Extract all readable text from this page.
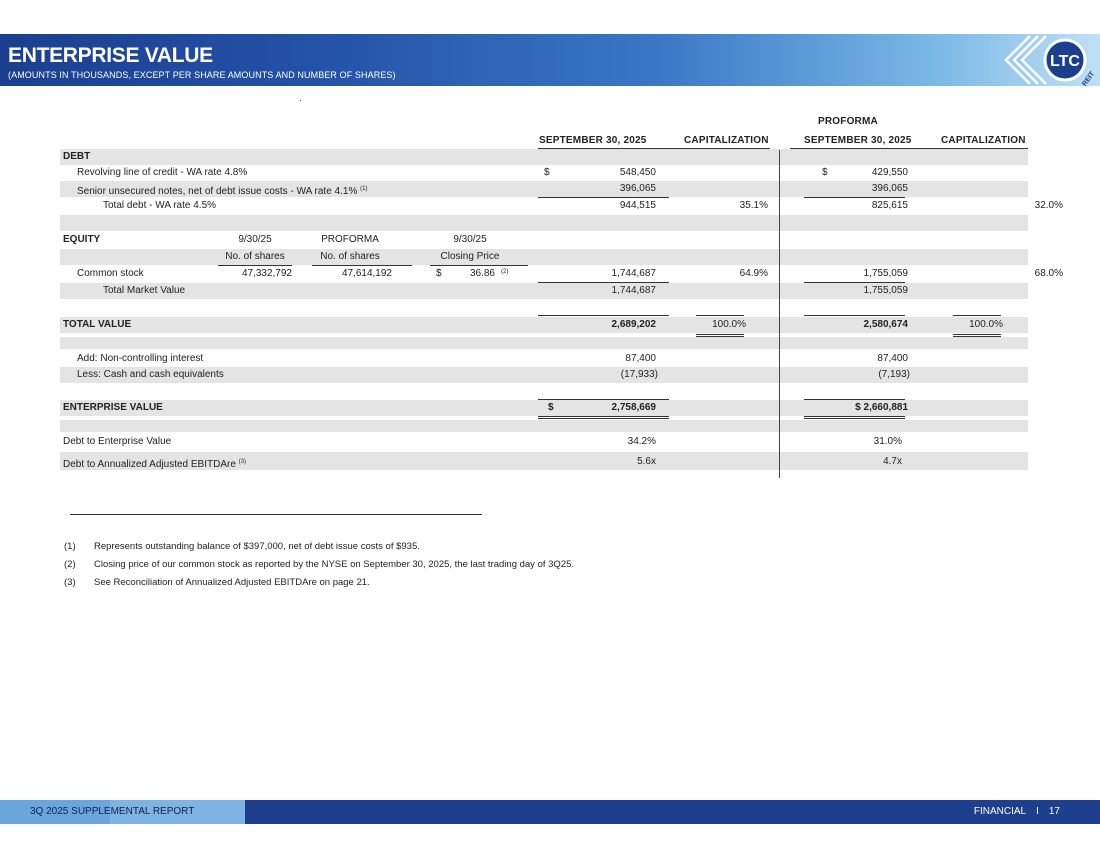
ENTERPRISE VALUE
(AMOUNTS IN THOUSANDS, EXCEPT PER SHARE AMOUNTS AND NUMBER OF SHARES)
LTC
REIT
PROFORMA
SEPTEMBER 30, 2025	CAPITALIZATION	SEPTEMBER 30, 2025	CAPITALIZATION
DEBT
Revolving line of credit - WA rate 4.8%	$	548,450	$	429,550
Senior unsecured notes, net of debt issue costs - WA rate 4.1% $^{(1)}$	396,065	396,065
Total debt - WA rate 4.5%	944,515	35.1%	825,615	32.0%
EQUITY	9/30/25	PROFORMA	9/30/25
No. of shares	No. of shares	Closing Price
Common stock	47,332,792	47,614,192	$	36.86 (2)	1,744,687	64.9%	1,755,059	68.0%
Total Market Value	1,744,687	1,755,059
TOTAL VALUE	2,689,202	100.0%	2,580,674	100.0%
Add: Non-controlling interest	87,400	87,400
Less: Cash and cash equivalents	(17,933)	(7,193)
ENTERPRISE VALUE	$	2,758,669	$ 2,660,881
Debt to Enterprise Value	34.2%	31.0%
Debt to Annualized Adjusted EBITDAre $^{(3)}$	5.6x	4.7x
(1) Represents outstanding balance of $397,000, net of debt issue costs of $935.
(2) Closing price of our common stock as reported by the NYSE on September 30, 2025, the last trading day of 3Q25.
(3) See Reconciliation of Annualized Adjusted EBITDAre on page 21.
3Q 2025 SUPPLEMENTAL REPORT	FINANCIAL I 17
